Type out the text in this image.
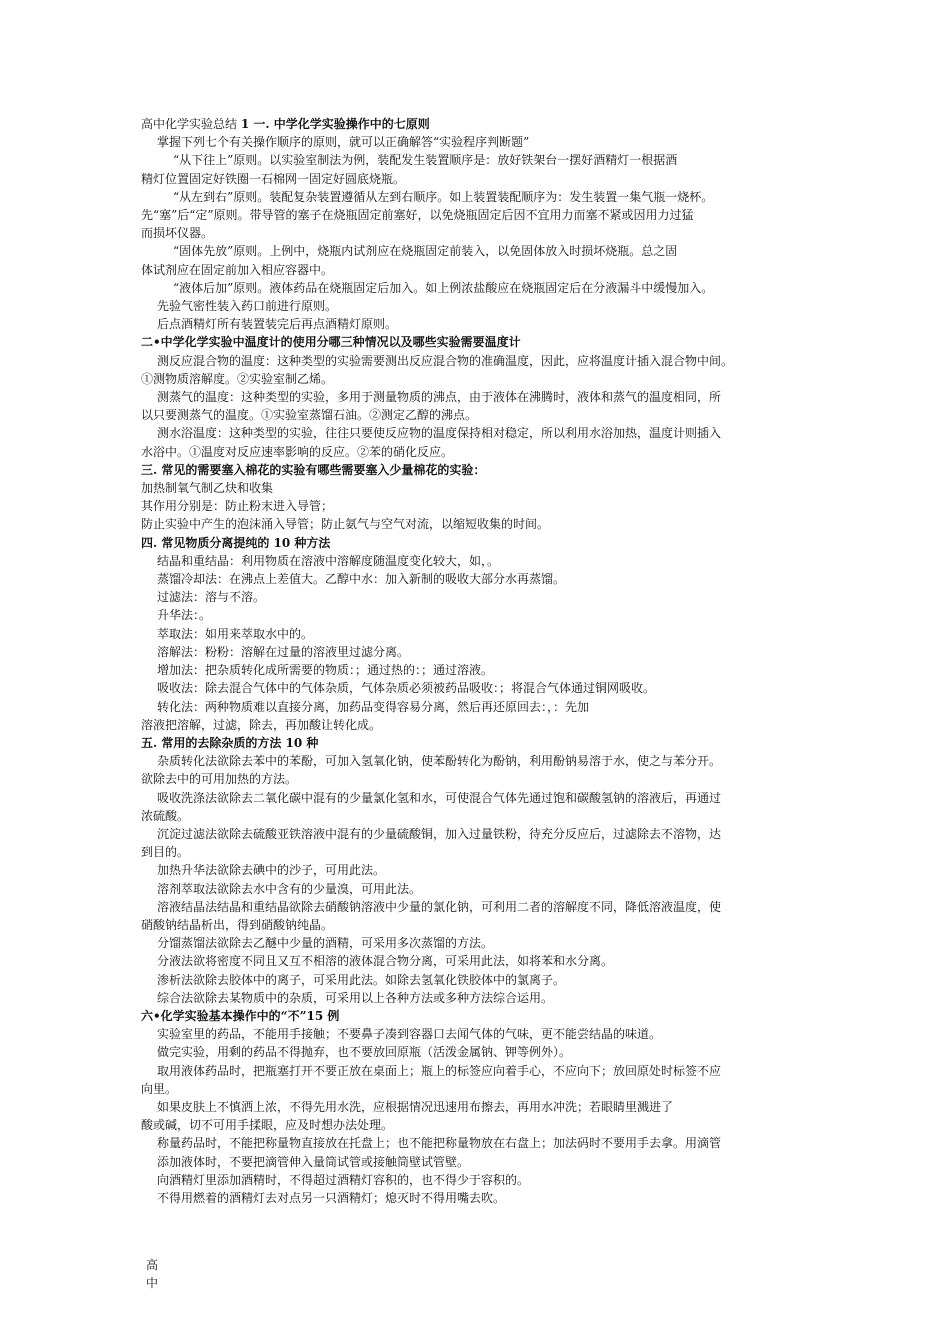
高中化学实验总结 1 一. 中学化学实验操作中的七原则

掌握下列七个有关操作顺序的原则，就可以正确解答“实验程序判断题”

“从下往上”原则。以实验室制法为例，装配发生装置顺序是：放好铁架台一摆好酒精灯一根据酒

精灯位置固定好铁圈一石棉网一固定好圆底烧瓶。

“从左到右”原则。装配复杂装置遵循从左到右顺序。如上装置装配顺序为：发生装置一集气瓶一烧杯。

先“塞”后“定”原则。带导管的塞子在烧瓶固定前塞好，以免烧瓶固定后因不宜用力而塞不紧或因用力过猛

而损坏仪器。

“固体先放”原则。上例中，烧瓶内试剂应在烧瓶固定前装入，以免固体放入时损坏烧瓶。总之固

体试剂应在固定前加入相应容器中。

“液体后加”原则。液体药品在烧瓶固定后加入。如上例浓盐酸应在烧瓶固定后在分液漏斗中缓慢加入。

先验气密性装入药口前进行原则。

后点酒精灯所有装置装完后再点酒精灯原则。

二•中学化学实验中温度计的使用分哪三种情况以及哪些实验需要温度计

测反应混合物的温度：这种类型的实验需要测出反应混合物的准确温度，因此，应将温度计插入混合物中间。

①测物质溶解度。②实验室制乙烯。

测蒸气的温度：这种类型的实验，多用于测量物质的沸点，由于液体在沸腾时，液体和蒸气的温度相同，所

以只要测蒸气的温度。①实验室蒸馏石油。②测定乙醇的沸点。

测水浴温度：这种类型的实验，往往只要使反应物的温度保持相对稳定，所以利用水浴加热，温度计则插入

水浴中。①温度对反应速率影响的反应。②苯的硝化反应。

三. 常见的需要塞入棉花的实验有哪些需要塞入少量棉花的实验：

加热制氧气制乙炔和收集

其作用分别是：防止粉末进入导管；

防止实验中产生的泡沫涌入导管；防止氨气与空气对流，以缩短收集的时间。

四. 常见物质分离提纯的 10 种方法

结晶和重结晶：利用物质在溶液中溶解度随温度变化较大，如，。

蒸馏冷却法：在沸点上差值大。乙醇中水：加入新制的吸收大部分水再蒸馏。

过滤法：溶与不溶。

升华法：。

萃取法：如用来萃取水中的。

溶解法：粉粉：溶解在过量的溶液里过滤分离。

增加法：把杂质转化成所需要的物质：；通过热的：；通过溶液。

吸收法：除去混合气体中的气体杂质，气体杂质必须被药品吸收：；将混合气体通过铜网吸收。

转化法：两种物质难以直接分离，加药品变得容易分离，然后再还原回去：，：先加

溶液把溶解，过滤，除去，再加酸让转化成。

五. 常用的去除杂质的方法 10 种

杂质转化法欲除去苯中的苯酚，可加入氢氧化钠，使苯酚转化为酚钠，利用酚钠易溶于水，使之与苯分开。

欲除去中的可用加热的方法。

吸收洗涤法欲除去二氧化碳中混有的少量氯化氢和水，可使混合气体先通过饱和碳酸氢钠的溶液后，再通过

浓硫酸。

沉淀过滤法欲除去硫酸亚铁溶液中混有的少量硫酸铜，加入过量铁粉，待充分反应后，过滤除去不溶物，达

到目的。

加热升华法欲除去碘中的沙子，可用此法。

溶剂萃取法欲除去水中含有的少量溴，可用此法。

溶液结晶法结晶和重结晶欲除去硝酸钠溶液中少量的氯化钠，可利用二者的溶解度不同，降低溶液温度，使

硝酸钠结晶析出，得到硝酸钠纯晶。

分馏蒸馏法欲除去乙醚中少量的酒精，可采用多次蒸馏的方法。

分液法欲将密度不同且又互不相溶的液体混合物分离，可采用此法，如将苯和水分离。

渗析法欲除去胶体中的离子，可采用此法。如除去氢氧化铁胶体中的氯离子。

综合法欲除去某物质中的杂质，可采用以上各种方法或多种方法综合运用。

六•化学实验基本操作中的“不”15 例

实验室里的药品，不能用手接触；不要鼻子凑到容器口去闻气体的气味，更不能尝结晶的味道。

做完实验，用剩的药品不得抛弃，也不要放回原瓶（活泼金属钠、钾等例外）。

取用液体药品时，把瓶塞打开不要正放在桌面上；瓶上的标签应向着手心，不应向下；放回原处时标签不应

向里。

如果皮肤上不慎洒上浓，不得先用水洗，应根据情况迅速用布擦去，再用水冲洗；若眼睛里溅进了

酸或碱，切不可用手揉眼，应及时想办法处理。

称量药品时，不能把称量物直接放在托盘上；也不能把称量物放在右盘上；加法码时不要用手去拿。用滴管

添加液体时，不要把滴管伸入量筒试管或接触筒壁试管壁。

向酒精灯里添加酒精时，不得超过酒精灯容积的，也不得少于容积的。

不得用燃着的酒精灯去对点另一只酒精灯；熄灭时不得用嘴去吹。

高
中
